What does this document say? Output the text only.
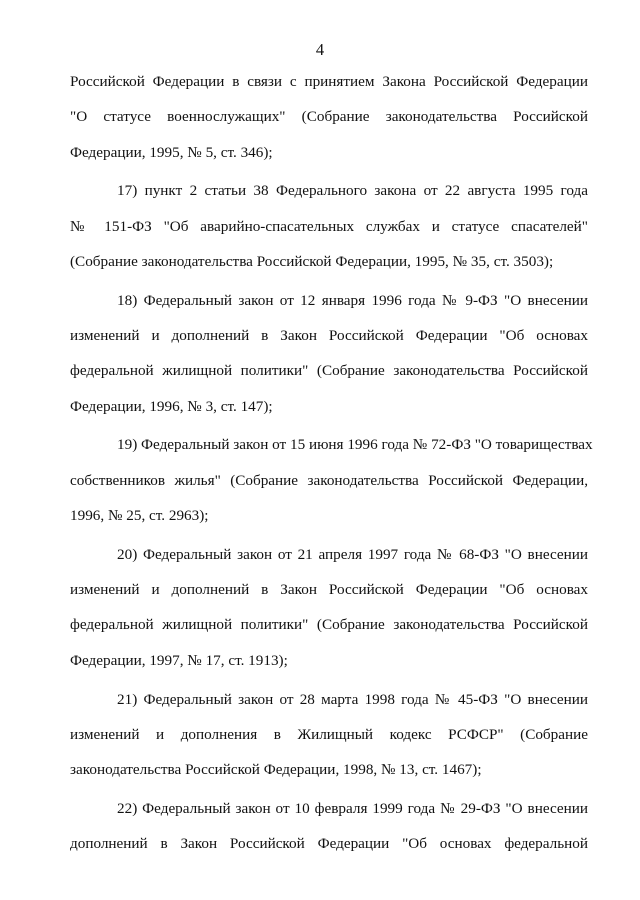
4
Российской Федерации в связи с принятием Закона Российской Федерации
"О статусе военнослужащих" (Собрание законодательства Российской
Федерации, 1995, № 5, ст. 346);
17) пункт 2 статьи 38 Федерального закона от 22 августа 1995 года
№ 151-ФЗ "Об аварийно-спасательных службах и статусе спасателей"
(Собрание законодательства Российской Федерации, 1995, № 35, ст. 3503);
18) Федеральный закон от 12 января 1996 года № 9-ФЗ "О внесении
изменений и дополнений в Закон Российской Федерации "Об основах
федеральной жилищной политики" (Собрание законодательства Российской
Федерации, 1996, № 3, ст. 147);
19) Федеральный закон от 15 июня 1996 года № 72-ФЗ "О товариществах
собственников жилья" (Собрание законодательства Российской Федерации,
1996, № 25, ст. 2963);
20) Федеральный закон от 21 апреля 1997 года № 68-ФЗ "О внесении
изменений и дополнений в Закон Российской Федерации "Об основах
федеральной жилищной политики" (Собрание законодательства Российской
Федерации, 1997, № 17, ст. 1913);
21) Федеральный закон от 28 марта 1998 года № 45-ФЗ "О внесении
изменений и дополнения в Жилищный кодекс РСФСР" (Собрание
законодательства Российской Федерации, 1998, № 13, ст. 1467);
22) Федеральный закон от 10 февраля 1999 года № 29-ФЗ "О внесении
дополнений в Закон Российской Федерации "Об основах федеральной
